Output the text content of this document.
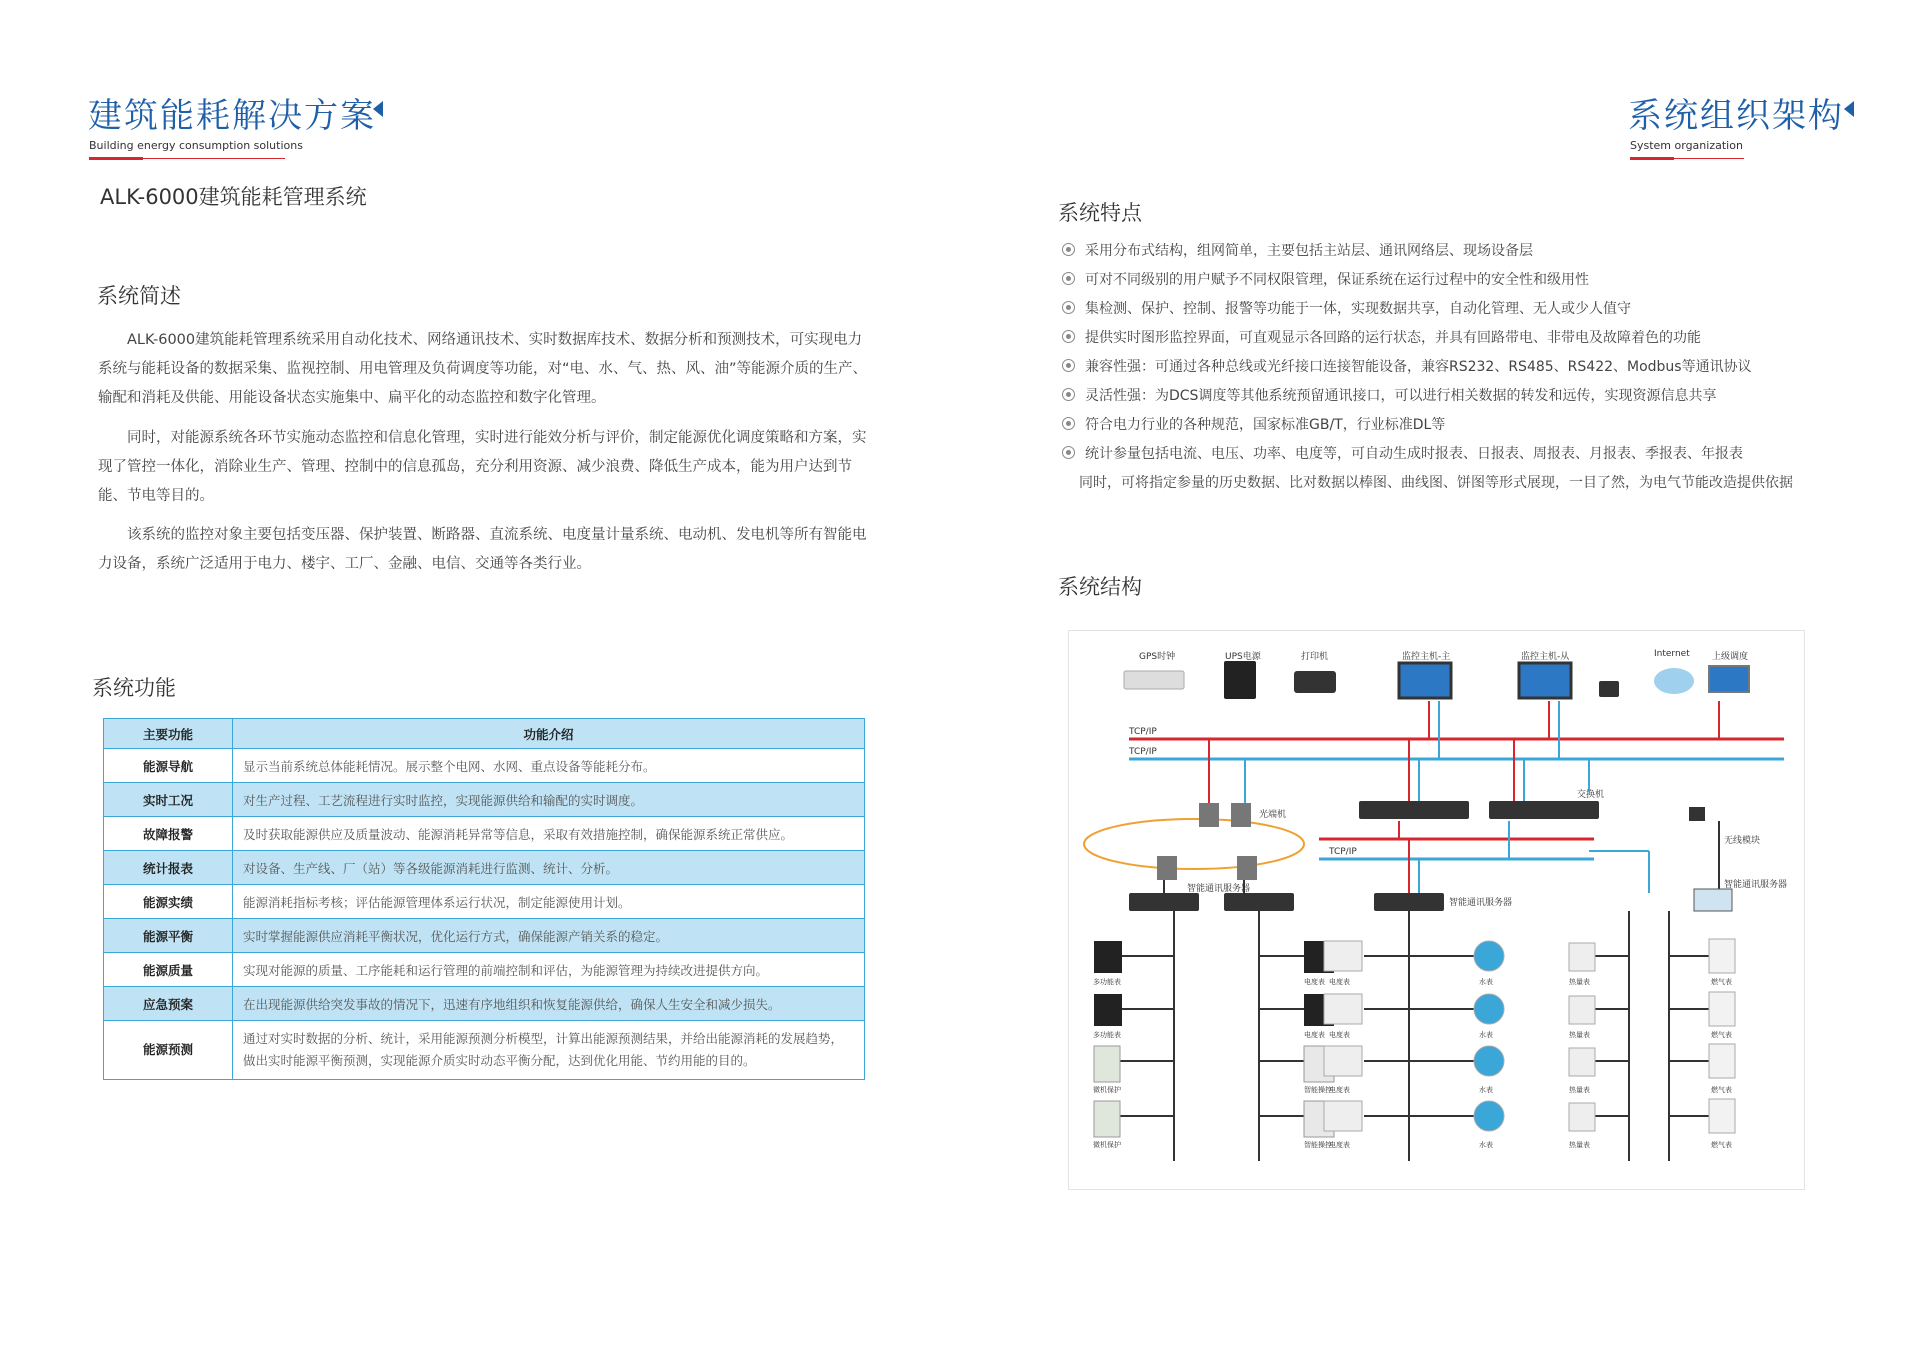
建筑能耗解决方案
Building energy consumption solutions
系统组织架构
System organization
ALK-6000建筑能耗管理系统
系统简述
ALK-6000建筑能耗管理系统采用自动化技术、网络通讯技术、实时数据库技术、数据分析和预测技术，可实现电力系统与能耗设备的数据采集、监视控制、用电管理及负荷调度等功能，对“电、水、气、热、风、油”等能源介质的生产、输配和消耗及供能、用能设备状态实施集中、扁平化的动态监控和数字化管理。
同时，对能源系统各环节实施动态监控和信息化管理，实时进行能效分析与评价，制定能源优化调度策略和方案，实现了管控一体化，消除业生产、管理、控制中的信息孤岛，充分利用资源、减少浪费、降低生产成本，能为用户达到节能、节电等目的。
该系统的监控对象主要包括变压器、保护装置、断路器、直流系统、电度量计量系统、电动机、发电机等所有智能电力设备，系统广泛适用于电力、楼宇、工厂、金融、电信、交通等各类行业。
系统功能
主要功能	功能介绍
能源导航	显示当前系统总体能耗情况。展示整个电网、水网、重点设备等能耗分布。
实时工况	对生产过程、工艺流程进行实时监控，实现能源供给和输配的实时调度。
故障报警	及时获取能源供应及质量波动、能源消耗异常等信息，采取有效措施控制，确保能源系统正常供应。
统计报表	对设备、生产线、厂（站）等各级能源消耗进行监测、统计、分析。
能源实绩	能源消耗指标考核；评估能源管理体系运行状况，制定能源使用计划。
能源平衡	实时掌握能源供应消耗平衡状况，优化运行方式，确保能源产销关系的稳定。
能源质量	实现对能源的质量、工序能耗和运行管理的前端控制和评估，为能源管理为持续改进提供方向。
应急预案	在出现能源供给突发事故的情况下，迅速有序地组织和恢复能源供给，确保人生安全和减少损失。
能源预测	通过对实时数据的分析、统计，采用能源预测分析模型，计算出能源预测结果，并给出能源消耗的发展趋势，做出实时能源平衡预测，实现能源介质实时动态平衡分配，达到优化用能、节约用能的目的。
系统特点
采用分布式结构，组网简单，主要包括主站层、通讯网络层、现场设备层
可对不同级别的用户赋予不同权限管理，保证系统在运行过程中的安全性和级用性
集检测、保护、控制、报警等功能于一体，实现数据共享，自动化管理、无人或少人值守
提供实时图形监控界面，可直观显示各回路的运行状态，并具有回路带电、非带电及故障着色的功能
兼容性强：可通过各种总线或光纤接口连接智能设备，兼容RS232、RS485、RS422、Modbus等通讯协议
灵活性强：为DCS调度等其他系统预留通讯接口，可以进行相关数据的转发和远传，实现资源信息共享
符合电力行业的各种规范，国家标准GB/T，行业标准DL等
统计参量包括电流、电压、功率、电度等，可自动生成时报表、日报表、周报表、月报表、季报表、年报表
同时，可将指定参量的历史数据、比对数据以棒图、曲线图、饼图等形式展现，一目了然，为电气节能改造提供依据
系统结构
GPS时钟	UPS电源	打印机	监控主机-主	监控主机-从	Internet 上级调度
TCP/IP
TCP/IP
TCP/IP
交换机
光端机
无线模块
智能通讯服务器
智能通讯服务器
智能通讯服务器
多功能表
多功能表
微机保护
微机保护
电度表
电度表
智能操控
智能操控
电度表
电度表
电度表
电度表
水表
水表
水表
水表
热量表
热量表
热量表
热量表
燃气表
燃气表
燃气表
燃气表
